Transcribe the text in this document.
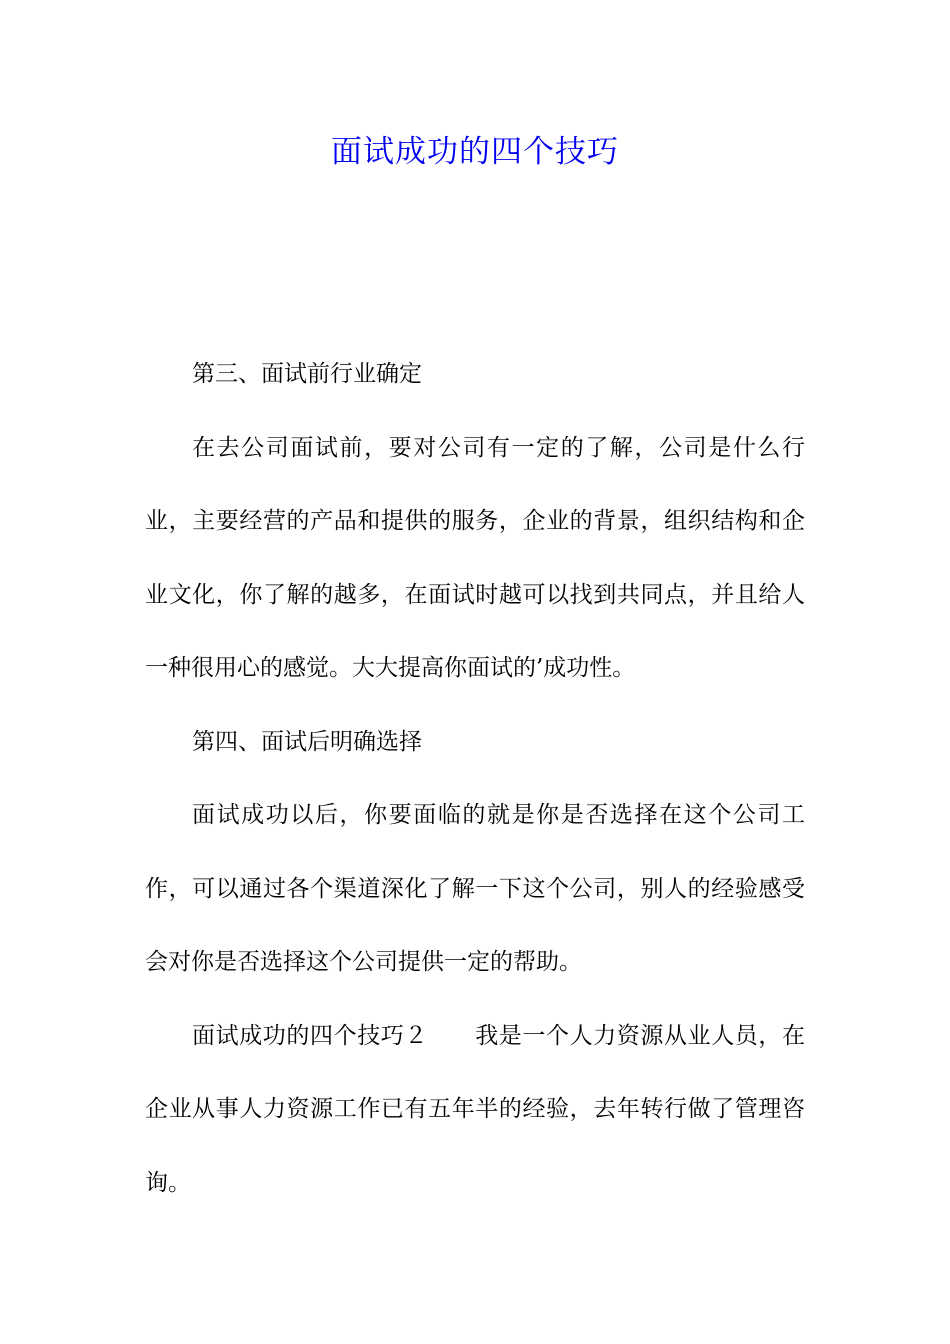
面试成功的四个技巧

第三、面试前行业确定

在去公司面试前，要对公司有一定的了解，公司是什么行业，主要经营的产品和提供的服务，企业的背景，组织结构和企业文化，你了解的越多，在面试时越可以找到共同点，并且给人一种很用心的感觉。大大提高你面试的’成功性。

第四、面试后明确选择

面试成功以后，你要面临的就是你是否选择在这个公司工作，可以通过各个渠道深化了解一下这个公司，别人的经验感受会对你是否选择这个公司提供一定的帮助。

面试成功的四个技巧２　　我是一个人力资源从业人员，在企业从事人力资源工作已有五年半的经验，去年转行做了管理咨询。
